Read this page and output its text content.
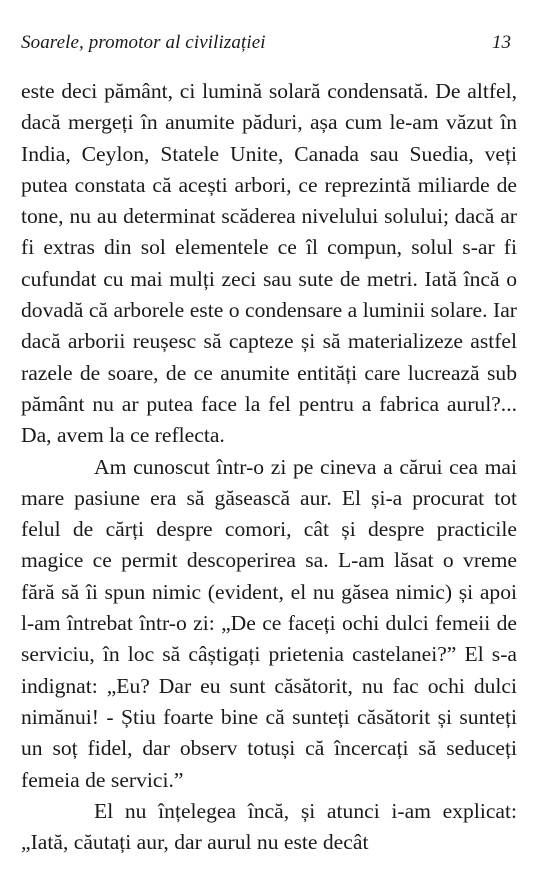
Soarele, promotor al civilizației	13

este deci pământ, ci lumină solară condensată. De altfel, dacă mergeți în anumite păduri, așa cum le-am văzut în India, Ceylon, Statele Unite, Canada sau Suedia, veți putea constata că acești arbori, ce reprezintă miliarde de tone, nu au determinat scăderea nivelului solului; dacă ar fi extras din sol elementele ce îl compun, solul s-ar fi cufundat cu mai mulți zeci sau sute de metri. Iată încă o dovadă că arborele este o condensare a luminii solare. Iar dacă arborii reușesc să capteze și să materializeze astfel razele de soare, de ce anumite entități care lucrează sub pământ nu ar putea face la fel pentru a fabrica aurul?... Da, avem la ce reflecta.

Am cunoscut într-o zi pe cineva a cărui cea mai mare pasiune era să găsească aur. El și-a procurat tot felul de cărți despre comori, cât și despre practicile magice ce permit descoperirea sa. L-am lăsat o vreme fără să îi spun nimic (evident, el nu găsea nimic) și apoi l-am întrebat într-o zi: „De ce faceți ochi dulci femeii de serviciu, în loc să câștigați prietenia castelanei?” El s-a indignat: „Eu? Dar eu sunt căsătorit, nu fac ochi dulci nimănui! - Știu foarte bine că sunteți căsătorit și sunteți un soț fidel, dar observ totuși că încercați să seduceți femeia de servici.”

El nu înțelegea încă, și atunci i-am explicat: „Iată, căutați aur, dar aurul nu este decât
